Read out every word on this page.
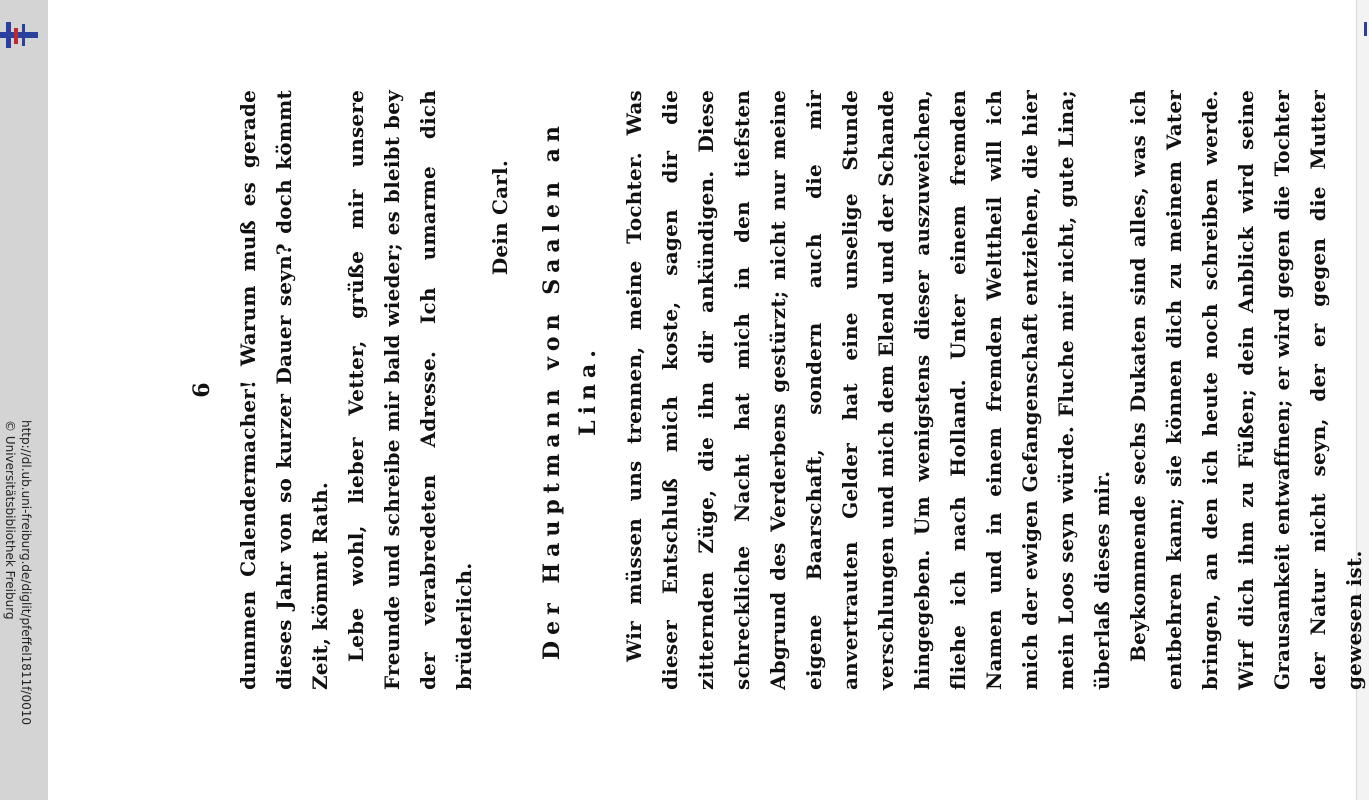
http://dl.ub.uni-freiburg.de/diglit/pfeffel1811f/0010
© Universitätsbibliothek Freiburg
6	dummen Calendermacher! Warum muß es gerade dieses Jahr von so kurzer Dauer seyn? doch kömmt Zeit, kömmt Rath. Lebe wohl, lieber Vetter, grüße mir unsere Freunde und schreibe mir bald wieder; es bleibt bey der verabredeten Adresse. Ich umarme dich brüderlich.

Dein Carl. Der Hauptmann von Saalen an Lina.	Wir müssen uns trennen, meine Tochter. Was dieser Entschluß mich koste, sagen dir die zitternden Züge, die ihn dir ankündigen. Diese schreckliche Nacht hat mich in den tiefsten Abgrund des Verderbens gestürzt; nicht nur meine eigene Baarschaft, sondern auch die mir anvertrauten Gelder hat eine unselige Stunde verschlungen und mich dem Elend und der Schande hingegeben. Um wenigstens dieser auszuweichen, fliehe ich nach Holland. Unter einem fremden Namen und in einem fremden Welttheil will ich mich der ewigen Gefangenschaft entziehen, die hier mein Loos seyn würde. Fluche mir nicht, gute Lina; überlaß dieses mir. Beykommende sechs Dukaten sind alles, was ich entbehren kann; sie können dich zu meinem Vater bringen, an den ich heute noch schreiben werde. Wirf dich ihm zu Füßen; dein Anblick wird seine Grausamkeit entwaffnen; er wird gegen die Tochter der Natur nicht seyn, der er gegen die Mutter gewesen ist.
